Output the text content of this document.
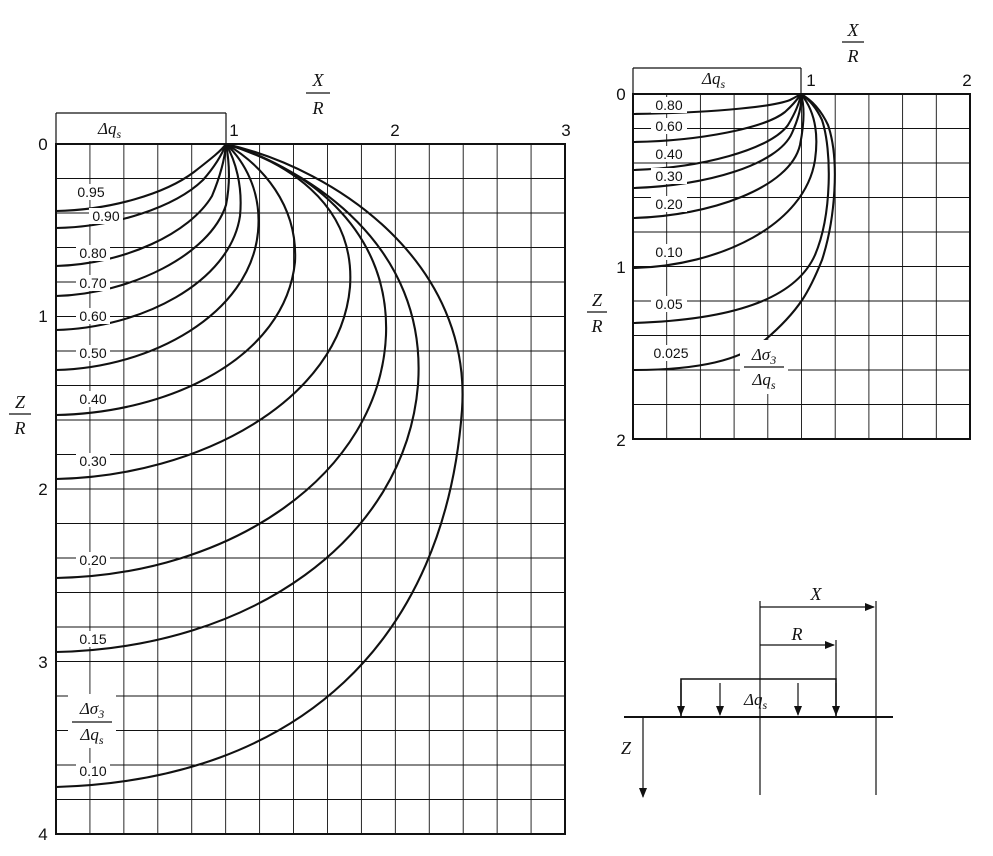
$\Delta q_s$
X
R
1	2	3
0
1
2
3
4
Z
R
0.95
0.90
0.80
0.70
0.60
0.50
0.40
0.30
0.20
0.15
0.10
$\Delta\sigma_3$
$\Delta q_s$
$\Delta q_s$
X
R
1	2
0
1
2
Z
R
0.80
0.60
0.40
0.30
0.20
0.10
0.05
0.025	$\Delta\sigma_3$
$\Delta q_s$
$\Delta q_s$
X
R
Z
